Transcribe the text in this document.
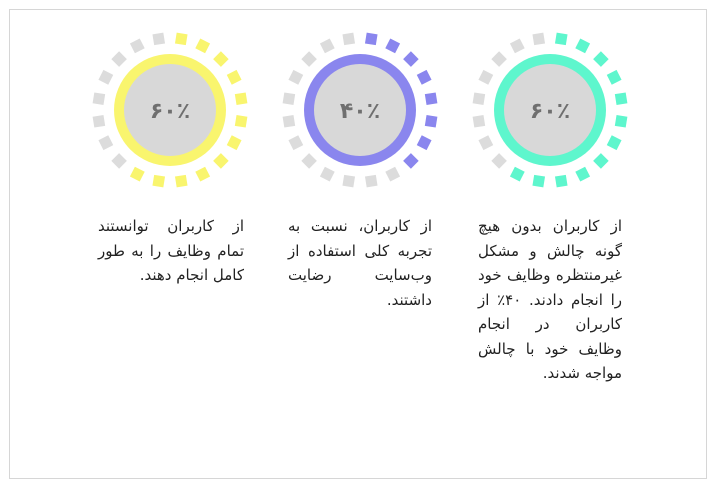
۶۰٪
۴۰٪
۶۰٪
از کاربران بدون هیچ گونه چالش و مشکل غیرمنتظره وظایف خود را انجام دادند. ۴۰٪ از کاربران در انجام وظایف خود با چالش مواجه شدند.
از کاربران، نسبت به تجربه کلی استفاده از وب‌سایت رضایت داشتند.
از کاربران توانستند تمام وظایف را به طور کامل انجام دهند.
